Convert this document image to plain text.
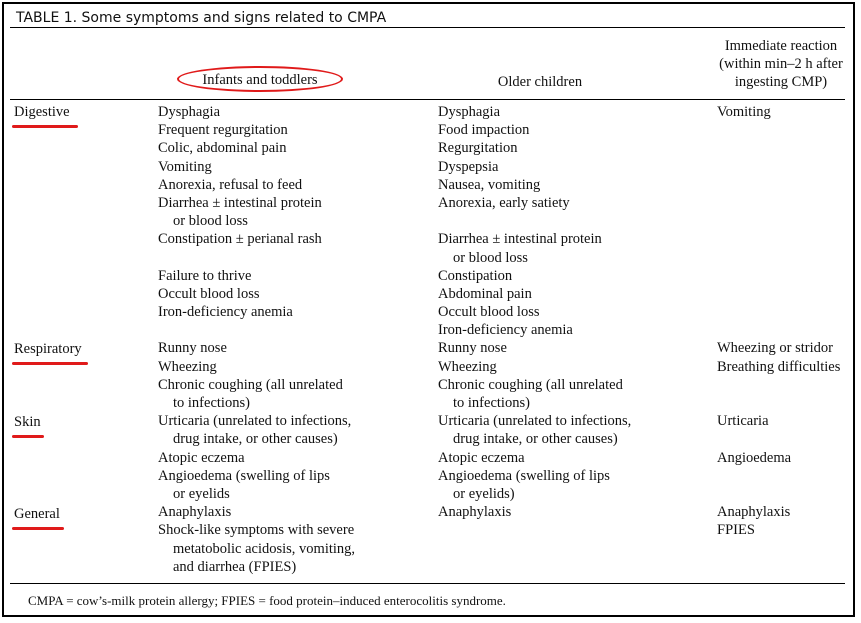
TABLE 1. Some symptoms and signs related to CMPA
Infants and toddlers	Older children
Immediate reaction
(within min–2 h after
ingesting CMP)
Digestive
Respiratory
Skin
General
Dysphagia
Frequent regurgitation
Colic, abdominal pain
Vomiting
Anorexia, refusal to feed
Diarrhea ± intestinal protein
or blood loss
Constipation ± perianal rash
Failure to thrive
Occult blood loss
Iron-deficiency anemia
Runny nose
Wheezing
Chronic coughing (all unrelated
to infections)
Urticaria (unrelated to infections,
drug intake, or other causes)
Atopic eczema
Angioedema (swelling of lips
or eyelids
Anaphylaxis
Shock-like symptoms with severe
metatobolic acidosis, vomiting,
and diarrhea (FPIES)
Dysphagia
Food impaction
Regurgitation
Dyspepsia
Nausea, vomiting
Anorexia, early satiety
Diarrhea ± intestinal protein
or blood loss
Constipation
Abdominal pain
Occult blood loss
Iron-deficiency anemia
Runny nose
Wheezing
Chronic coughing (all unrelated
to infections)
Urticaria (unrelated to infections,
drug intake, or other causes)
Atopic eczema
Angioedema (swelling of lips
or eyelids)
Anaphylaxis
Vomiting
Wheezing or stridor
Breathing difficulties
Urticaria
Angioedema
Anaphylaxis
FPIES
CMPA = cow’s-milk protein allergy; FPIES = food protein–induced enterocolitis syndrome.
